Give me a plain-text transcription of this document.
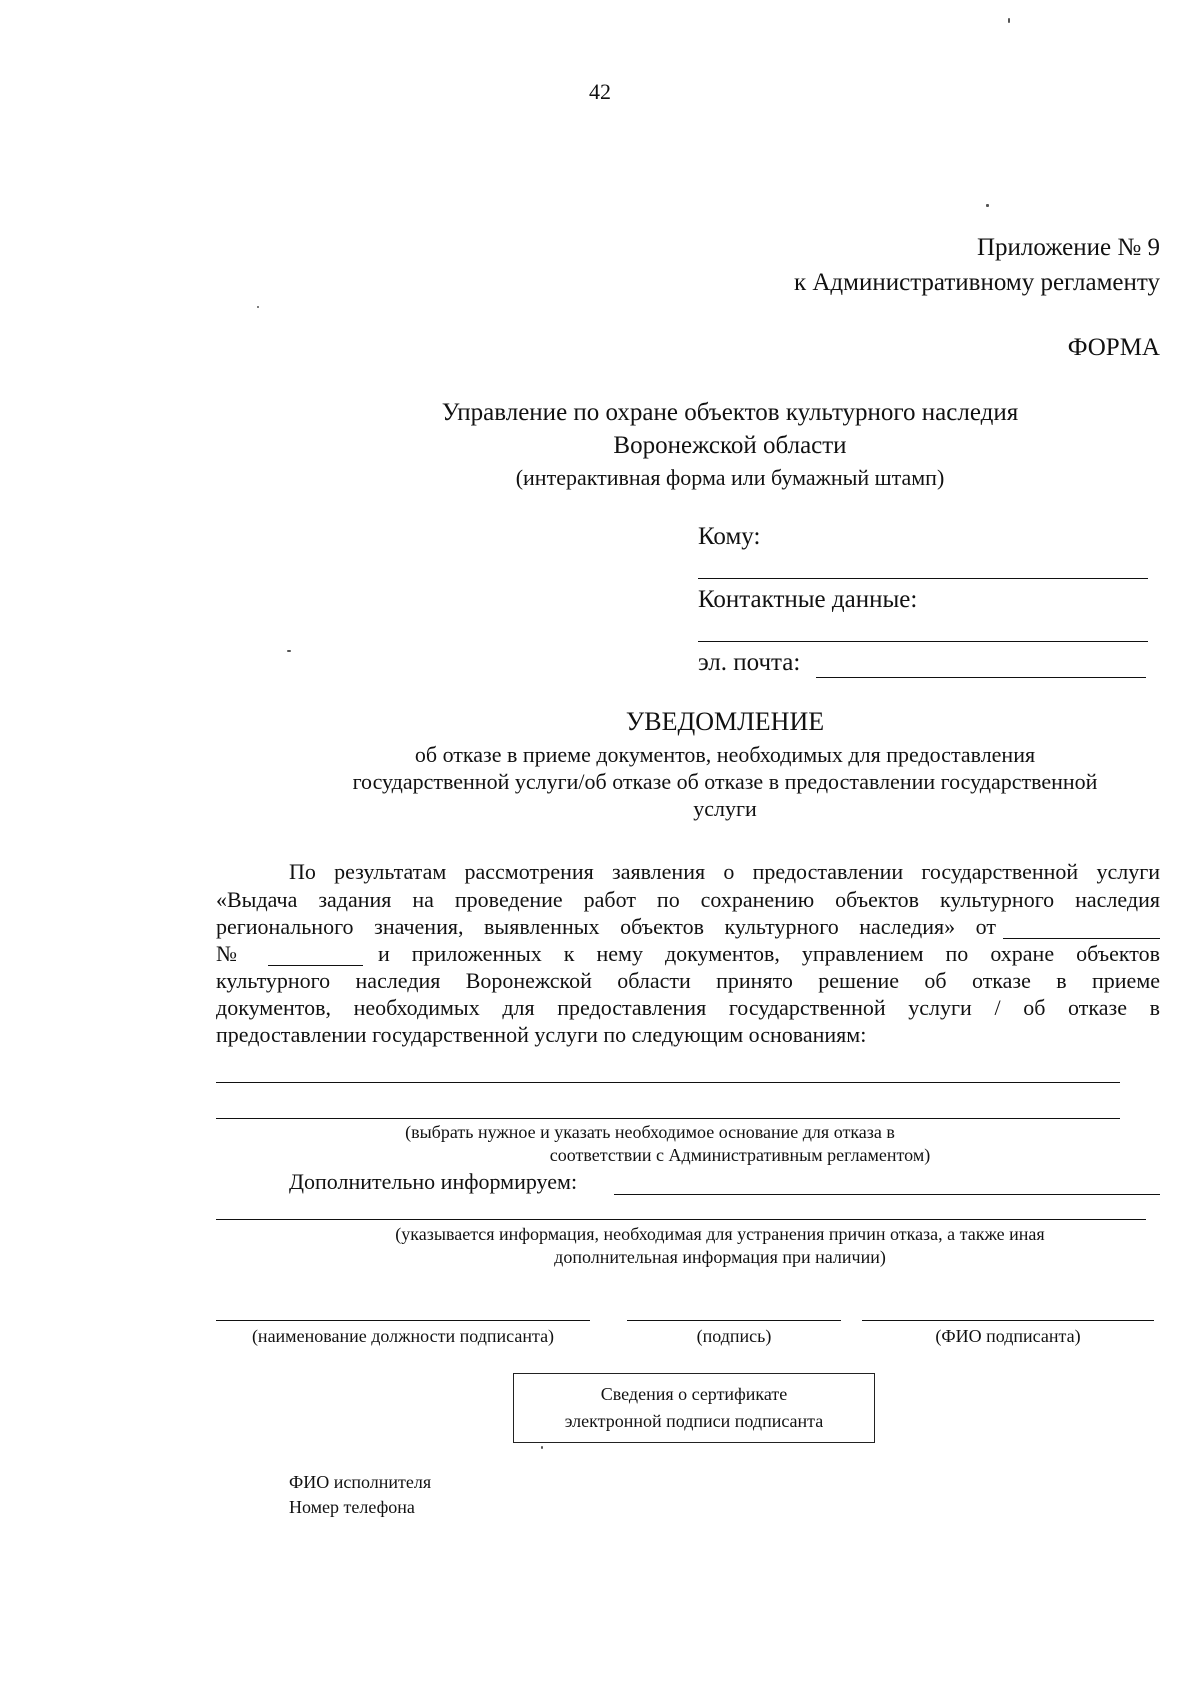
42
Приложение № 9
к Административному регламенту
ФОРМА
Управление по охране объектов культурного наследия
Воронежской области
(интерактивная форма или бумажный штамп)
Кому:
Контактные данные:
эл. почта:
УВЕДОМЛЕНИЕ
об отказе в приеме документов, необходимых для предоставления
государственной услуги/об отказе об отказе в предоставлении государственной
услуги
По результатам рассмотрения заявления о предоставлении государственной услуги
«Выдача задания на проведение работ по сохранению объектов культурного наследия
регионального значения, выявленных объектов культурного наследия» от
№	и приложенных к нему документов, управлением по охране объектов
культурного наследия Воронежской области принято решение об отказе в приеме
документов, необходимых для предоставления государственной услуги / об отказе в
предоставлении государственной услуги по следующим основаниям:
(выбрать нужное и указать необходимое основание для отказа в
соответствии с Административным регламентом)
Дополнительно информируем:
(указывается информация, необходимая для устранения причин отказа, а также иная
дополнительная информация при наличии)
(наименование должности подписанта)	(подпись)	(ФИО подписанта)
Сведения о сертификате
электронной подписи подписанта
ФИО исполнителя
Номер телефона
